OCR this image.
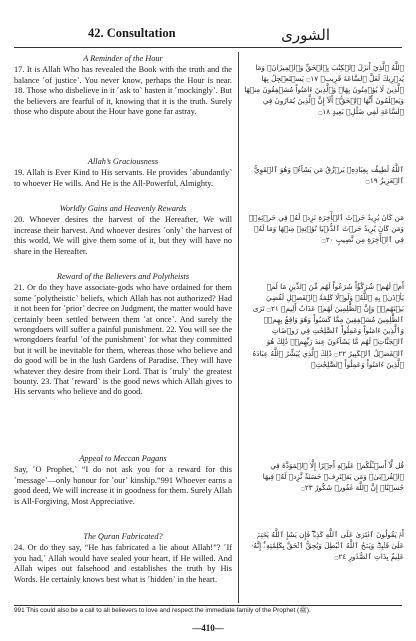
42. Consultation	الشورى
A Reminder of the Hour

17. It is Allah Who has revealed the Book with the truth and the balance ˹of justice˺. You never know, perhaps the Hour is near. 18. Those who disbelieve in it ˹ask to˺ hasten it ˹mockingly˺. But the believers are fearful of it, knowing that it is the truth. Surely those who dispute about the Hour have gone far astray.

Allah’s Graciousness

19. Allah is Ever Kind to His servants. He provides ˹abundantly˺ to whoever He wills. And He is the All-Powerful, Almighty.

Worldly Gains and Heavenly Rewards

20. Whoever desires the harvest of the Hereafter, We will increase their harvest. And whoever desires ˹only˺ the harvest of this world, We will give them some of it, but they will have no share in the Hereafter.

Reward of the Believers and Polytheists

21. Or do they have associate-gods who have ordained for them some ˹polytheistic˺ beliefs, which Allah has not authorized? Had it not been for ˹prior˺ decree on Judgment, the matter would have certainly been settled between them ˹at once˺. And surely the wrongdoers will suffer a painful punishment. 22. You will see the wrongdoers fearful ˹of the punishment˺ for what they committed but it will be inevitable for them, whereas those who believe and do good will be in the lush Gardens of Paradise. They will have whatever they desire from their Lord. That is ˹truly˺ the greatest bounty. 23. That ˹reward˺ is the good news which Allah gives to His servants who believe and do good.

Appeal to Meccan Pagans

Say, ˹O Prophet,˺ “I do not ask you for a reward for this ˹message˺—only honour for ˹our˺ kinship.”991 Whoever earns a good deed, We will increase it in goodness for them. Surely Allah is All-Forgiving, Most Appreciative.

The Quran Fabricated?

24. Or do they say, “He has fabricated a lie about Allah!”? ˹If you had,˺ Allah would have sealed your heart, if He willed. And Allah wipes out falsehood and establishes the truth by His Words. He certainly knows best what is ˹hidden˺ in the heart.

ٱللَّهُ ٱلَّذِيٓ أَنزَلَ ٱلۡكِتَٰبَ بِٱلۡحَقِّ وَٱلۡمِيزَانَۗ وَمَا يُدۡرِيكَ لَعَلَّ ٱلسَّاعَةَ قَرِيبٞ ۝١٧ يَسۡتَعۡجِلُ بِهَا ٱلَّذِينَ لَا يُؤۡمِنُونَ بِهَاۖ وَٱلَّذِينَ ءَامَنُواْ مُشۡفِقُونَ مِنۡهَا وَيَعۡلَمُونَ أَنَّهَا ٱلۡحَقُّۗ أَلَآ إِنَّ ٱلَّذِينَ يُمَارُونَ فِي ٱلسَّاعَةِ لَفِي ضَلَٰلِۭ بَعِيدٍ ۝١٨

ٱللَّهُ لَطِيفُۢ بِعِبَادِهِۦ يَرۡزُقُ مَن يَشَآءُۖ وَهُوَ ٱلۡقَوِيُّ ٱلۡعَزِيزُ ۝١٩

مَن كَانَ يُرِيدُ حَرۡثَ ٱلۡأٓخِرَةِ نَزِدۡ لَهُۥ فِي حَرۡثِهِۦۖ وَمَن كَانَ يُرِيدُ حَرۡثَ ٱلدُّنۡيَا نُؤۡتِهِۦ مِنۡهَا وَمَا لَهُۥ فِي ٱلۡأٓخِرَةِ مِن نَّصِيبٍ ۝٢٠

أَمۡ لَهُمۡ شُرَكَٰٓؤُاْ شَرَعُواْ لَهُم مِّنَ ٱلدِّينِ مَا لَمۡ يَأۡذَنۢ بِهِ ٱللَّهُۚ وَلَوۡلَا كَلِمَةُ ٱلۡفَصۡلِ لَقُضِيَ بَيۡنَهُمۡۗ وَإِنَّ ٱلظَّٰلِمِينَ لَهُمۡ عَذَابٌ أَلِيمٞ ۝٢١ تَرَى ٱلظَّٰلِمِينَ مُشۡفِقِينَ مِمَّا كَسَبُواْ وَهُوَ وَاقِعُۢ بِهِمۡۗ وَٱلَّذِينَ ءَامَنُواْ وَعَمِلُواْ ٱلصَّٰلِحَٰتِ فِي رَوۡضَاتِ ٱلۡجَنَّاتِۖ لَهُم مَّا يَشَآءُونَ عِندَ رَبِّهِمۡۚ ذَٰلِكَ هُوَ ٱلۡفَضۡلُ ٱلۡكَبِيرُ ۝٢٢ ذَٰلِكَ ٱلَّذِي يُبَشِّرُ ٱللَّهُ عِبَادَهُ ٱلَّذِينَ ءَامَنُواْ وَعَمِلُواْ ٱلصَّٰلِحَٰتِۗ

قُل لَّآ أَسۡـَٔلُكُمۡ عَلَيۡهِ أَجۡرًا إِلَّا ٱلۡمَوَدَّةَ فِي ٱلۡقُرۡبَىٰۗ وَمَن يَقۡتَرِفۡ حَسَنَةٗ نَّزِدۡ لَهُۥ فِيهَا حُسۡنًاۚ إِنَّ ٱللَّهَ غَفُورٞ شَكُورٌ ۝٢٣

أَمۡ يَقُولُونَ ٱفۡتَرَىٰ عَلَى ٱللَّهِ كَذِبٗاۖ فَإِن يَشَإِ ٱللَّهُ يَخۡتِمۡ عَلَىٰ قَلۡبِكَۗ وَيَمۡحُ ٱللَّهُ ٱلۡبَٰطِلَ وَيُحِقُّ ٱلۡحَقَّ بِكَلِمَٰتِهِۦٓۚ إِنَّهُۥ عَلِيمُۢ بِذَاتِ ٱلصُّدُورِ ۝٢٤

991 This could also be a call to all believers to love and respect the immediate family of the Prophet (ﷺ).
—410—
